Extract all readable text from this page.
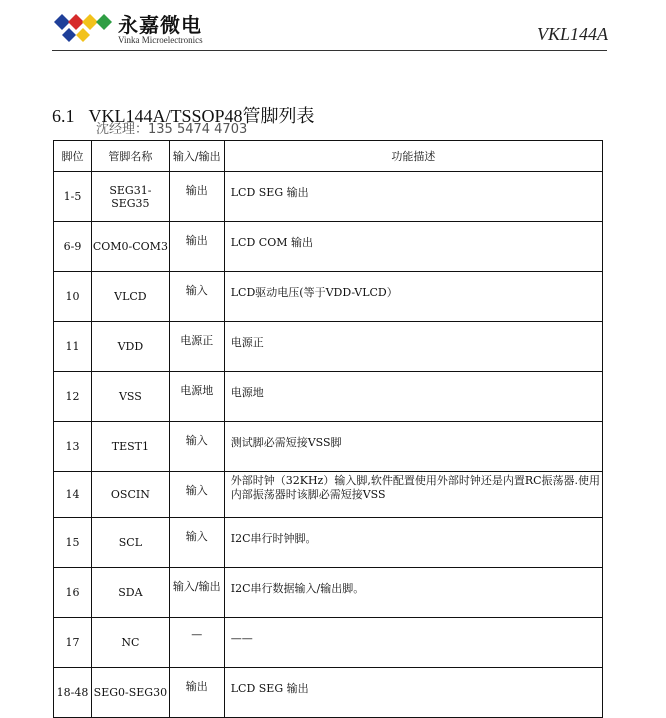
永嘉微电
Vinka Microelectronics	VKL144A
6.1 VKL144A/TSSOP48管脚列表
沈经理：135 5474 4703
脚位	管脚名称	输入/输出	功能描述
1-5	SEG31-SEG35	输出	LCD SEG 输出
6-9	COM0-COM3	输出	LCD COM 输出
10	VLCD	输入	LCD驱动电压(等于VDD-VLCD）
11	VDD	电源正	电源正
12	VSS	电源地	电源地
13	TEST1	输入	测试脚必需短接VSS脚
14	OSCIN	输入	外部时钟（32KHz）输入脚,软件配置使用外部时钟还是内置RC振荡器.使用内部振荡器时该脚必需短接VSS
15	SCL	输入	I2C串行时钟脚。
16	SDA	输入/输出	I2C串行数据输入/输出脚。
17	NC	—	——
18-48	SEG0-SEG30	输出	LCD SEG 输出
